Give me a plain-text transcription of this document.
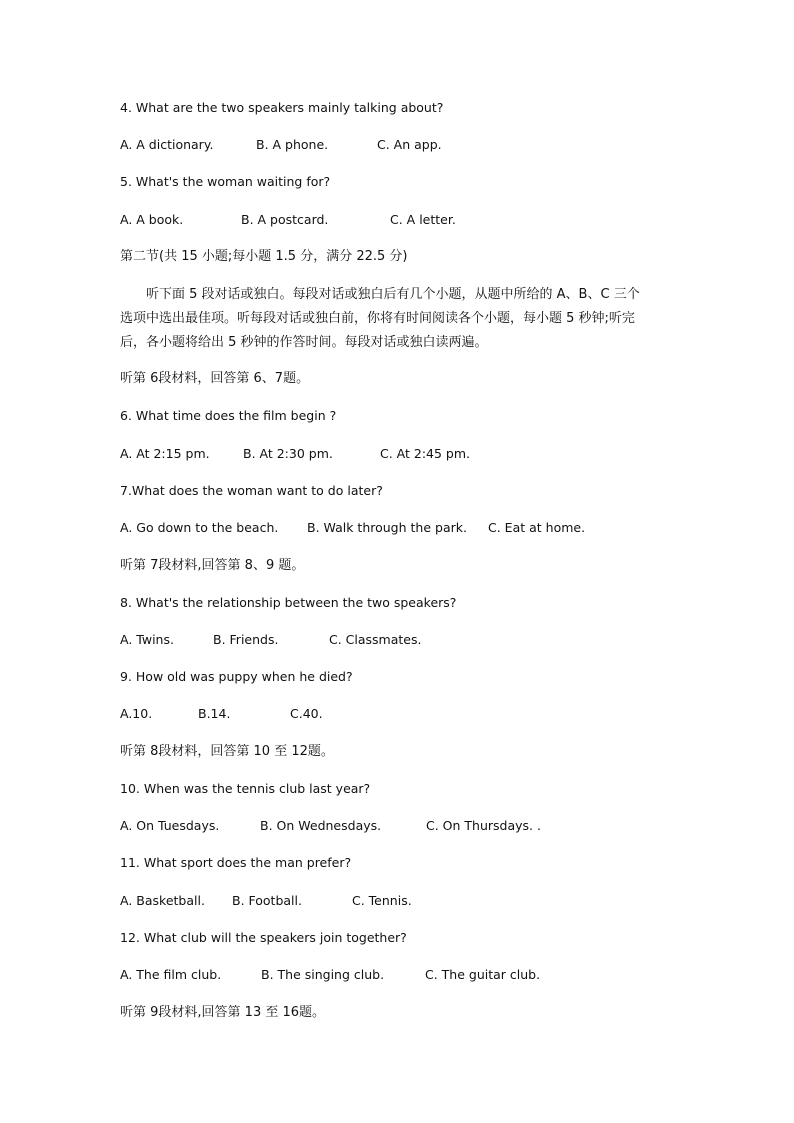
4. What are the two speakers mainly talking about?
A. A dictionary.	B. A phone.	C. An app.
5. What's the woman waiting for?
A. A book.	B. A postcard.	C. A letter.
第二节(共 15 小题;每小题 1.5 分，满分 22.5 分)
听下面 5 段对话或独白。每段对话或独白后有几个小题，从题中所给的 A、B、C 三个
选项中选出最佳项。听每段对话或独白前，你将有时间阅读各个小题，每小题 5 秒钟;听完
后，各小题将给出 5 秒钟的作答时间。每段对话或独白读两遍。
听第 6段材料，回答第 6、7题。
6. What time does the film begin ?
A. At 2:15 pm.	B. At 2:30 pm.	C. At 2:45 pm.
7.What does the woman want to do later?
A. Go down to the beach. B. Walk through the park. C. Eat at home.
听第 7段材料,回答第 8、9 题。
8. What's the relationship between the two speakers?
A. Twins.	B. Friends.	C. Classmates.
9. How old was puppy when he died?
A.10.	B.14.	C.40.
听第 8段材料，回答第 10 至 12题。
10. When was the tennis club last year?
A. On Tuesdays.	B. On Wednesdays.	C. On Thursdays. .
11. What sport does the man prefer?
A. Basketball. B. Football.	C. Tennis.
12. What club will the speakers join together?
A. The film club.	B. The singing club.	C. The guitar club.
听第 9段材料,回答第 13 至 16题。
